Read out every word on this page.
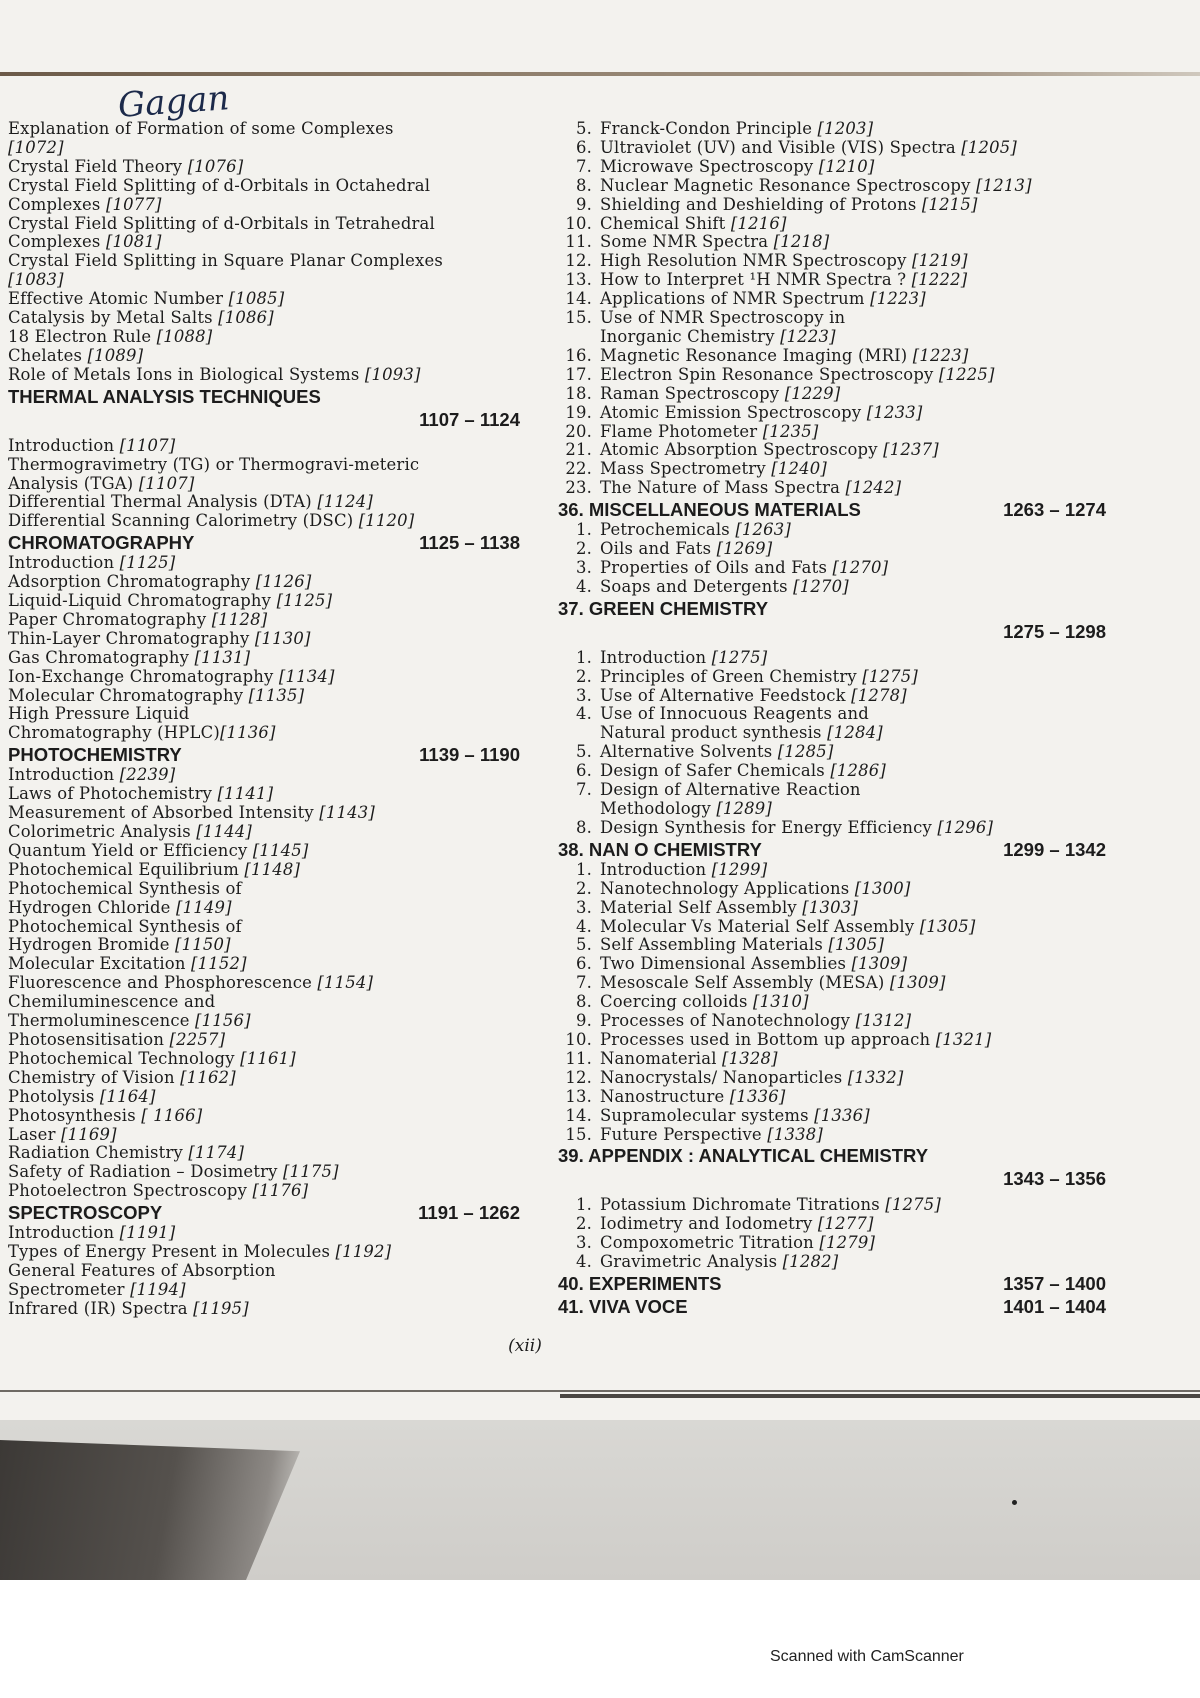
Gagan
Explanation of Formation of some Complexes
[1072]
Crystal Field Theory [1076]
Crystal Field Splitting of d-Orbitals in Octahedral
Complexes [1077]
Crystal Field Splitting of d-Orbitals in Tetrahedral
Complexes [1081]
Crystal Field Splitting in Square Planar Complexes
[1083]
Effective Atomic Number [1085]
Catalysis by Metal Salts [1086]
18 Electron Rule [1088]
Chelates [1089]
Role of Metals Ions in Biological Systems [1093]
THERMAL ANALYSIS TECHNIQUES
1107 – 1124
Introduction [1107]
Thermogravimetry (TG) or Thermogravi-meteric
Analysis (TGA) [1107]
Differential Thermal Analysis (DTA) [1124]
Differential Scanning Calorimetry (DSC) [1120]
CHROMATOGRAPHY	1125 – 1138
Introduction [1125]
Adsorption Chromatography [1126]
Liquid-Liquid Chromatography [1125]
Paper Chromatography [1128]
Thin-Layer Chromatography [1130]
Gas Chromatography [1131]
Ion-Exchange Chromatography [1134]
Molecular Chromatography [1135]
High Pressure Liquid
Chromatography (HPLC)[1136]
PHOTOCHEMISTRY	1139 – 1190
Introduction [2239]
Laws of Photochemistry [1141]
Measurement of Absorbed Intensity [1143]
Colorimetric Analysis [1144]
Quantum Yield or Efficiency [1145]
Photochemical Equilibrium [1148]
Photochemical Synthesis of
Hydrogen Chloride [1149]
Photochemical Synthesis of
Hydrogen Bromide [1150]
Molecular Excitation [1152]
Fluorescence and Phosphorescence [1154]
Chemiluminescence and
Thermoluminescence [1156]
Photosensitisation [2257]
Photochemical Technology [1161]
Chemistry of Vision [1162]
Photolysis [1164]
Photosynthesis [ 1166]
Laser [1169]
Radiation Chemistry [1174]
Safety of Radiation – Dosimetry [1175]
Photoelectron Spectroscopy [1176]
SPECTROSCOPY	1191 – 1262
Introduction [1191]
Types of Energy Present in Molecules [1192]
General Features of Absorption
Spectrometer [1194]
Infrared (IR) Spectra [1195]
5. Franck-Condon Principle [1203]
6. Ultraviolet (UV) and Visible (VIS) Spectra [1205]
7. Microwave Spectroscopy [1210]
8. Nuclear Magnetic Resonance Spectroscopy [1213]
9. Shielding and Deshielding of Protons [1215]
10. Chemical Shift [1216]
11. Some NMR Spectra [1218]
12. High Resolution NMR Spectroscopy [1219]
13. How to Interpret ¹H NMR Spectra ? [1222]
14. Applications of NMR Spectrum [1223]
15. Use of NMR Spectroscopy in
Inorganic Chemistry [1223]
16. Magnetic Resonance Imaging (MRI) [1223]
17. Electron Spin Resonance Spectroscopy [1225]
18. Raman Spectroscopy [1229]
19. Atomic Emission Spectroscopy [1233]
20. Flame Photometer [1235]
21. Atomic Absorption Spectroscopy [1237]
22. Mass Spectrometry [1240]
23. The Nature of Mass Spectra [1242]
36. MISCELLANEOUS MATERIALS	1263 – 1274
1. Petrochemicals [1263]
2. Oils and Fats [1269]
3. Properties of Oils and Fats [1270]
4. Soaps and Detergents [1270]
37. GREEN CHEMISTRY
1275 – 1298
1. Introduction [1275]
2. Principles of Green Chemistry [1275]
3. Use of Alternative Feedstock [1278]
4. Use of Innocuous Reagents and
Natural product synthesis [1284]
5. Alternative Solvents [1285]
6. Design of Safer Chemicals [1286]
7. Design of Alternative Reaction
Methodology [1289]
8. Design Synthesis for Energy Efficiency [1296]
38. NAN O CHEMISTRY	1299 – 1342
1. Introduction [1299]
2. Nanotechnology Applications [1300]
3. Material Self Assembly [1303]
4. Molecular Vs Material Self Assembly [1305]
5. Self Assembling Materials [1305]
6. Two Dimensional Assemblies [1309]
7. Mesoscale Self Assembly (MESA) [1309]
8. Coercing colloids [1310]
9. Processes of Nanotechnology [1312]
10. Processes used in Bottom up approach [1321]
11. Nanomaterial [1328]
12. Nanocrystals/ Nanoparticles [1332]
13. Nanostructure [1336]
14. Supramolecular systems [1336]
15. Future Perspective [1338]
39. APPENDIX : ANALYTICAL CHEMISTRY
1343 – 1356
1. Potassium Dichromate Titrations [1275]
2. Iodimetry and Iodometry [1277]
3. Compoxometric Titration [1279]
4. Gravimetric Analysis [1282]
40. EXPERIMENTS	1357 – 1400
41. VIVA VOCE	1401 – 1404
(xii)
Scanned with CamScanner
